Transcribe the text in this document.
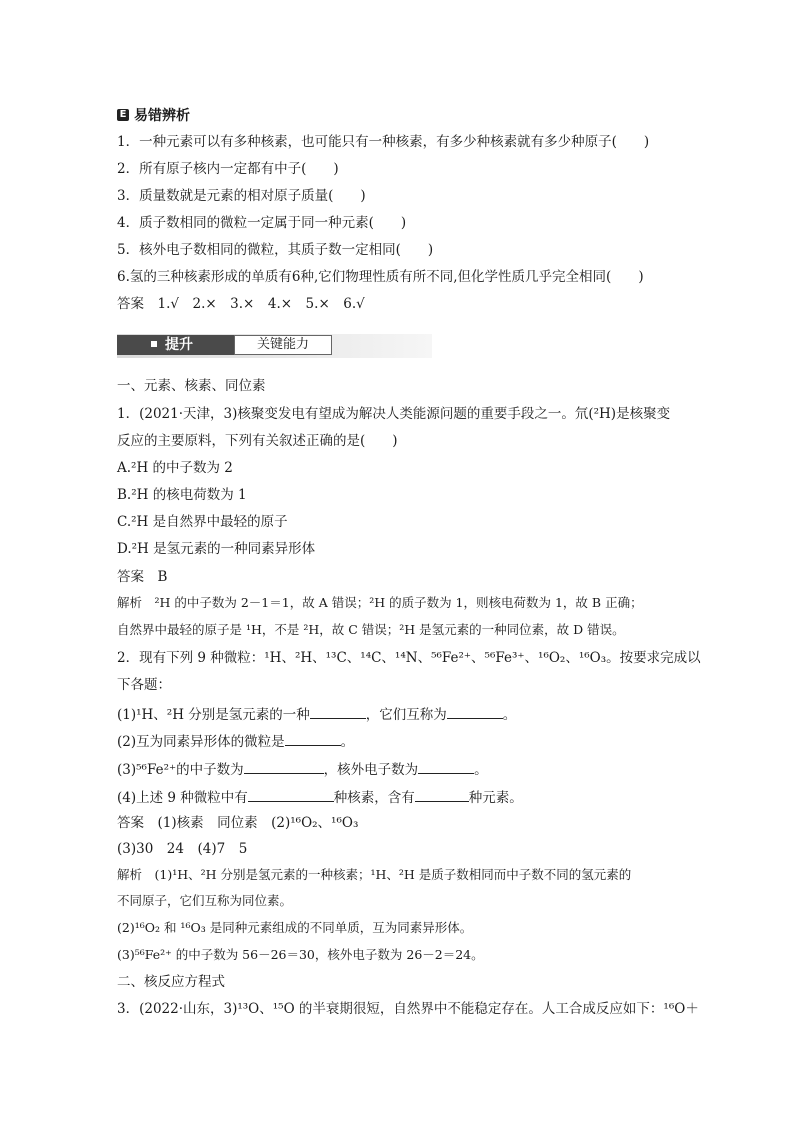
E 易错辨析
1．一种元素可以有多种核素，也可能只有一种核素，有多少种核素就有多少种原子(　　)
2．所有原子核内一定都有中子(　　)
3．质量数就是元素的相对原子质量(　　)
4．质子数相同的微粒一定属于同一种元素(　　)
5．核外电子数相同的微粒，其质子数一定相同(　　)
6.氢的三种核素形成的单质有6种,它们物理性质有所不同,但化学性质几乎完全相同(　　)
答案　1.√　2.×　3.×　4.×　5.×　6.√
提升	关键能力
一、元素、核素、同位素
1．(2021·天津，3)核聚变发电有望成为解决人类能源问题的重要手段之一。氘(²H)是核聚变
反应的主要原料，下列有关叙述正确的是(　　)
A.²H 的中子数为 2
B.²H 的核电荷数为 1
C.²H 是自然界中最轻的原子
D.²H 是氢元素的一种同素异形体
答案　B
解析　²H 的中子数为 2－1＝1，故 A 错误；²H 的质子数为 1，则核电荷数为 1，故 B 正确；
自然界中最轻的原子是 ¹H，不是 ²H，故 C 错误；²H 是氢元素的一种同位素，故 D 错误。
2．现有下列 9 种微粒：¹H、²H、¹³C、¹⁴C、¹⁴N、⁵⁶Fe²⁺、⁵⁶Fe³⁺、¹⁶O₂、¹⁶O₃。按要求完成以
下各题：
(1)¹H、²H 分别是氢元素的一种	，它们互称为	。
(2)互为同素异形体的微粒是	。
(3)⁵⁶Fe²⁺的中子数为	，核外电子数为	。
(4)上述 9 种微粒中有	种核素，含有	种元素。
答案　(1)核素　同位素　(2)¹⁶O₂、¹⁶O₃
(3)30　24　(4)7　5
解析　(1)¹H、²H 分别是氢元素的一种核素；¹H、²H 是质子数相同而中子数不同的氢元素的
不同原子，它们互称为同位素。
(2)¹⁶O₂ 和 ¹⁶O₃ 是同种元素组成的不同单质，互为同素异形体。
(3)⁵⁶Fe²⁺ 的中子数为 56－26＝30，核外电子数为 26－2＝24。
二、核反应方程式
3．(2022·山东，3)¹³O、¹⁵O 的半衰期很短，自然界中不能稳定存在。人工合成反应如下：¹⁶O＋
